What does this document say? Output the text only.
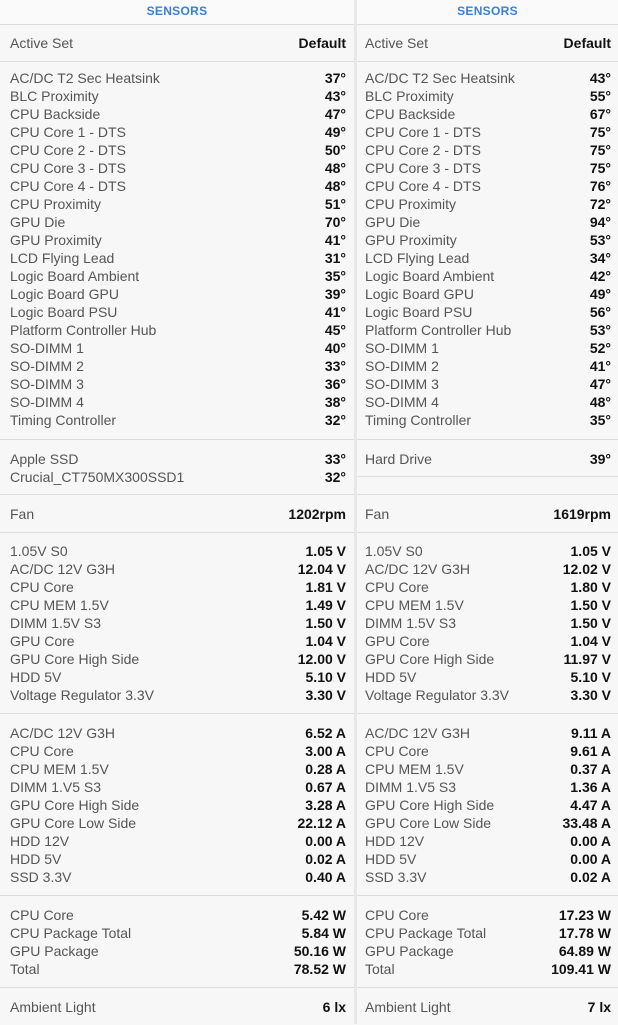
SENSORS
Active Set	Default
AC/DC T2 Sec Heatsink	37°
BLC Proximity	43°
CPU Backside	47°
CPU Core 1 - DTS	49°
CPU Core 2 - DTS	50°
CPU Core 3 - DTS	48°
CPU Core 4 - DTS	48°
CPU Proximity	51°
GPU Die	70°
GPU Proximity	41°
LCD Flying Lead	31°
Logic Board Ambient	35°
Logic Board GPU	39°
Logic Board PSU	41°
Platform Controller Hub	45°
SO-DIMM 1	40°
SO-DIMM 2	33°
SO-DIMM 3	36°
SO-DIMM 4	38°
Timing Controller	32°
Apple SSD	33°
Crucial_CT750MX300SSD1	32°
Fan	1202rpm
1.05V S0	1.05 V
AC/DC 12V G3H	12.04 V
CPU Core	1.81 V
CPU MEM 1.5V	1.49 V
DIMM 1.5V S3	1.50 V
GPU Core	1.04 V
GPU Core High Side	12.00 V
HDD 5V	5.10 V
Voltage Regulator 3.3V	3.30 V
AC/DC 12V G3H	6.52 A
CPU Core	3.00 A
CPU MEM 1.5V	0.28 A
DIMM 1.V5 S3	0.67 A
GPU Core High Side	3.28 A
GPU Core Low Side	22.12 A
HDD 12V	0.00 A
HDD 5V	0.02 A
SSD 3.3V	0.40 A
CPU Core	5.42 W
CPU Package Total	5.84 W
GPU Package	50.16 W
Total	78.52 W
Ambient Light	6 lx
SENSORS
Active Set	Default
AC/DC T2 Sec Heatsink	43°
BLC Proximity	55°
CPU Backside	67°
CPU Core 1 - DTS	75°
CPU Core 2 - DTS	75°
CPU Core 3 - DTS	75°
CPU Core 4 - DTS	76°
CPU Proximity	72°
GPU Die	94°
GPU Proximity	53°
LCD Flying Lead	34°
Logic Board Ambient	42°
Logic Board GPU	49°
Logic Board PSU	56°
Platform Controller Hub	53°
SO-DIMM 1	52°
SO-DIMM 2	41°
SO-DIMM 3	47°
SO-DIMM 4	48°
Timing Controller	35°
Hard Drive	39°
Fan	1619rpm
1.05V S0	1.05 V
AC/DC 12V G3H	12.02 V
CPU Core	1.80 V
CPU MEM 1.5V	1.50 V
DIMM 1.5V S3	1.50 V
GPU Core	1.04 V
GPU Core High Side	11.97 V
HDD 5V	5.10 V
Voltage Regulator 3.3V	3.30 V
AC/DC 12V G3H	9.11 A
CPU Core	9.61 A
CPU MEM 1.5V	0.37 A
DIMM 1.V5 S3	1.36 A
GPU Core High Side	4.47 A
GPU Core Low Side	33.48 A
HDD 12V	0.00 A
HDD 5V	0.00 A
SSD 3.3V	0.02 A
CPU Core	17.23 W
CPU Package Total	17.78 W
GPU Package	64.89 W
Total	109.41 W
Ambient Light	7 lx
